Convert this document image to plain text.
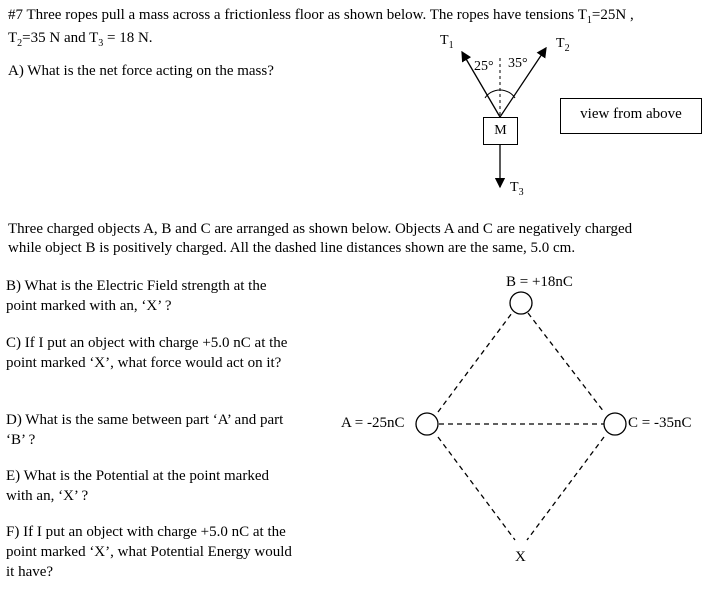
#7 Three ropes pull a mass across a frictionless floor as shown below. The ropes have tensions $T_1=25N$ ,
$T_2=35$ N and $T_3 = 18$ N.
A) What is the net force acting on the mass?
$T_1$	$T_2$
$T_3$
25° 35°
M
view from above
Three charged objects A, B and C are arranged as shown below. Objects A and C are negatively charged
while object B is positively charged. All the dashed line distances shown are the same, 5.0 cm.
B) What is the Electric Field strength at the point marked with an, ‘X’ ?
C) If I put an object with charge +5.0 nC at the point marked ‘X’, what force would act on it?
D) What is the same between part ‘A’ and part ‘B’ ?
E) What is the Potential at the point marked with an, ‘X’ ?
F) If I put an object with charge +5.0 nC at the point marked ‘X’, what Potential Energy would it have?
B = +18nC
A = -25nC	C = -35nC
X
